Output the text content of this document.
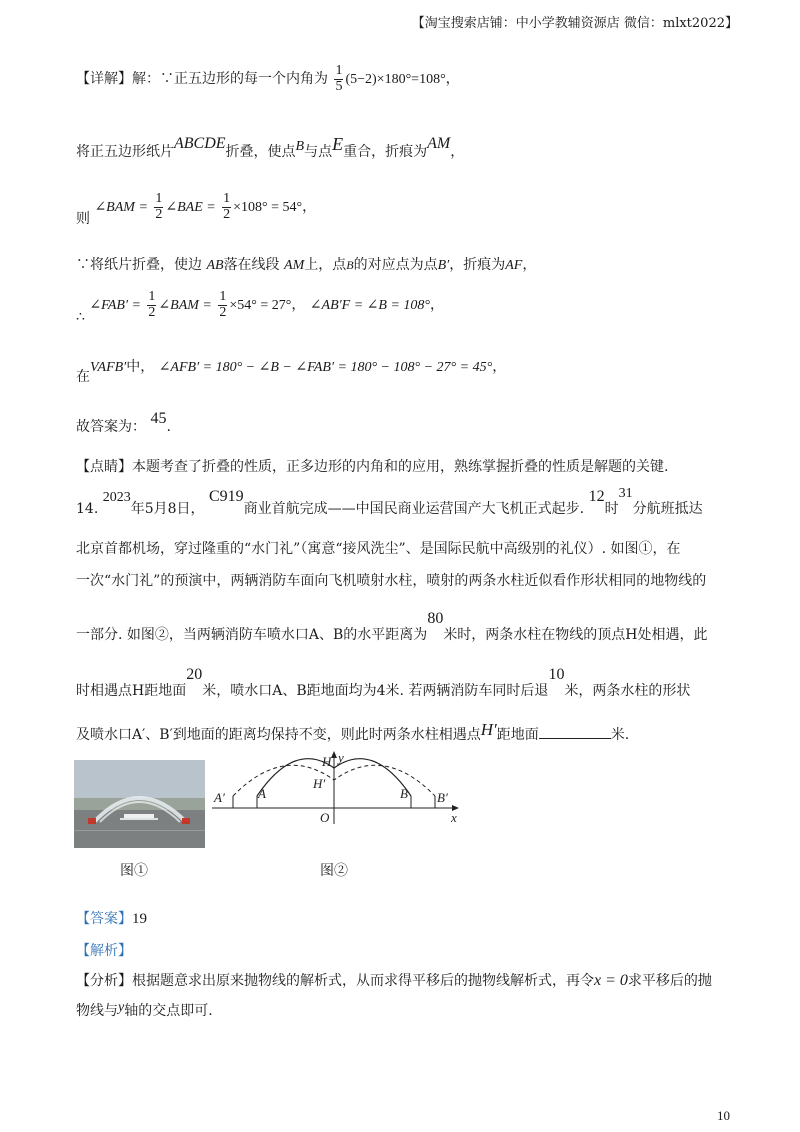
【淘宝搜索店铺：中小学教辅资源店 微信：mlxt2022】
【详解】解：∵正五边形的每一个内角为 $\frac{1}{5} (5-2)\times 180^\circ=108^\circ$，
将正五边形纸片ABCDE折叠，使点B与点E重合，折痕为AM，
则 ∠BAM = $\frac{1}{2}$ ∠BAE = $\frac{1}{2} \times 108^\circ = 54^\circ$，
∵将纸片折叠，使边 AB落在线段 AM上，点B的对应点为点B′，折痕为AF，
∴ ∠FAB′ = $\frac{1}{2}$ ∠BAM = $\frac{1}{2} \times 54^\circ = 27^\circ$， ∠AB′F = ∠B = 108°，
在VAFB′中， ∠AFB′ = 180° − ∠B − ∠FAB′ = 180° − 108° − 27° = 45°，
故答案为： 45.
【点睛】本题考查了折叠的性质，正多边形的内角和的应用，熟练掌握折叠的性质是解题的关键.
14. 2023年5月8日， C919商业首航完成——中国民商业运营国产大飞机正式起步. 12时31分航班抵达
北京首都机场，穿过隆重的“水门礼”（寓意“接风洗尘”、是国际民航中高级别的礼仪）. 如图①，在
一次“水门礼”的预演中，两辆消防车面向飞机喷射水柱，喷射的两条水柱近似看作形状相同的地物线的
一部分. 如图②，当两辆消防车喷水口A、B的水平距离为80米时，两条水柱在物线的顶点H处相遇，此
时相遇点H距地面20米，喷水口A、B距地面均为4米. 若两辆消防车同时后退10米，两条水柱的形状
及喷水口A′、B′到地面的距离均保持不变，则此时两条水柱相遇点H′距地面	米.
图①
H
H′
y
A′	A	B B′
O	x
图②
【答案】19
【解析】
【分析】根据题意求出原来抛物线的解析式，从而求得平移后的抛物线解析式，再令x = 0求平移后的抛
物线与y轴的交点即可.
10
